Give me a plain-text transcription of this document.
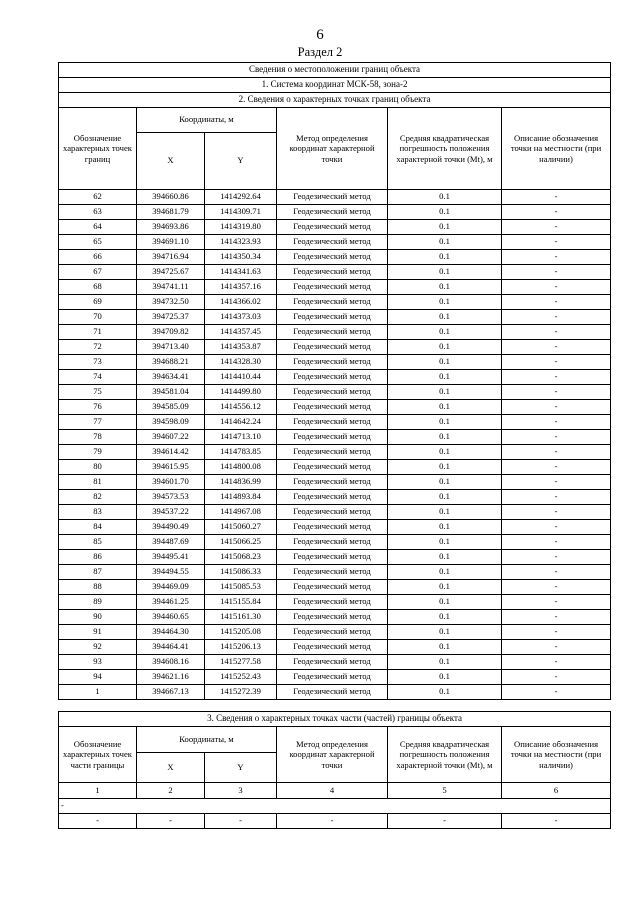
6
Раздел 2
Сведения о местоположении границ объекта					
1. Система координат МСК-58, зона-2					
2. Сведения о характерных точках границ объекта					
Обозначение характерных точек границ	Координаты, м		Метод определения координат характерной точки	Средняя квадратическая погрешность положения характерной точки (Mt), м	Описание обозначения точки на местности (при наличии)
	X	Y			
62	394660.86	1414292.64	Геодезический метод	0.1	-
63	394681.79	1414309.71	Геодезический метод	0.1	-
64	394693.86	1414319.80	Геодезический метод	0.1	-
65	394691.10	1414323.93	Геодезический метод	0.1	-
66	394716.94	1414350.34	Геодезический метод	0.1	-
67	394725.67	1414341.63	Геодезический метод	0.1	-
68	394741.11	1414357.16	Геодезический метод	0.1	-
69	394732.50	1414366.02	Геодезический метод	0.1	-
70	394725.37	1414373.03	Геодезический метод	0.1	-
71	394709.82	1414357.45	Геодезический метод	0.1	-
72	394713.40	1414353.87	Геодезический метод	0.1	-
73	394688.21	1414328.30	Геодезический метод	0.1	-
74	394634.41	1414410.44	Геодезический метод	0.1	-
75	394581.04	1414499.80	Геодезический метод	0.1	-
76	394585.09	1414556.12	Геодезический метод	0.1	-
77	394598.09	1414642.24	Геодезический метод	0.1	-
78	394607.22	1414713.10	Геодезический метод	0.1	-
79	394614.42	1414783.85	Геодезический метод	0.1	-
80	394615.95	1414800.08	Геодезический метод	0.1	-
81	394601.70	1414836.99	Геодезический метод	0.1	-
82	394573.53	1414893.84	Геодезический метод	0.1	-
83	394537.22	1414967.08	Геодезический метод	0.1	-
84	394490.49	1415060.27	Геодезический метод	0.1	-
85	394487.69	1415066.25	Геодезический метод	0.1	-
86	394495.41	1415068.23	Геодезический метод	0.1	-
87	394494.55	1415086.33	Геодезический метод	0.1	-
88	394469.09	1415085.53	Геодезический метод	0.1	-
89	394461.25	1415155.84	Геодезический метод	0.1	-
90	394460.65	1415161.30	Геодезический метод	0.1	-
91	394464.30	1415205.08	Геодезический метод	0.1	-
92	394464.41	1415206.13	Геодезический метод	0.1	-
93	394608.16	1415277.58	Геодезический метод	0.1	-
94	394621.16	1415252.43	Геодезический метод	0.1	-
1	394667.13	1415272.39	Геодезический метод	0.1	-
3. Сведения о характерных точках части (частей) границы объекта					
Обозначение характерных точек части границы	Координаты, м		Метод определения координат характерной точки	Средняя квадратическая погрешность положения характерной точки (Mt), м	Описание обозначения точки на местности (при наличии)
	X	Y			
1	2	3	4	5	6
-					
-	-	-	-	-	-
